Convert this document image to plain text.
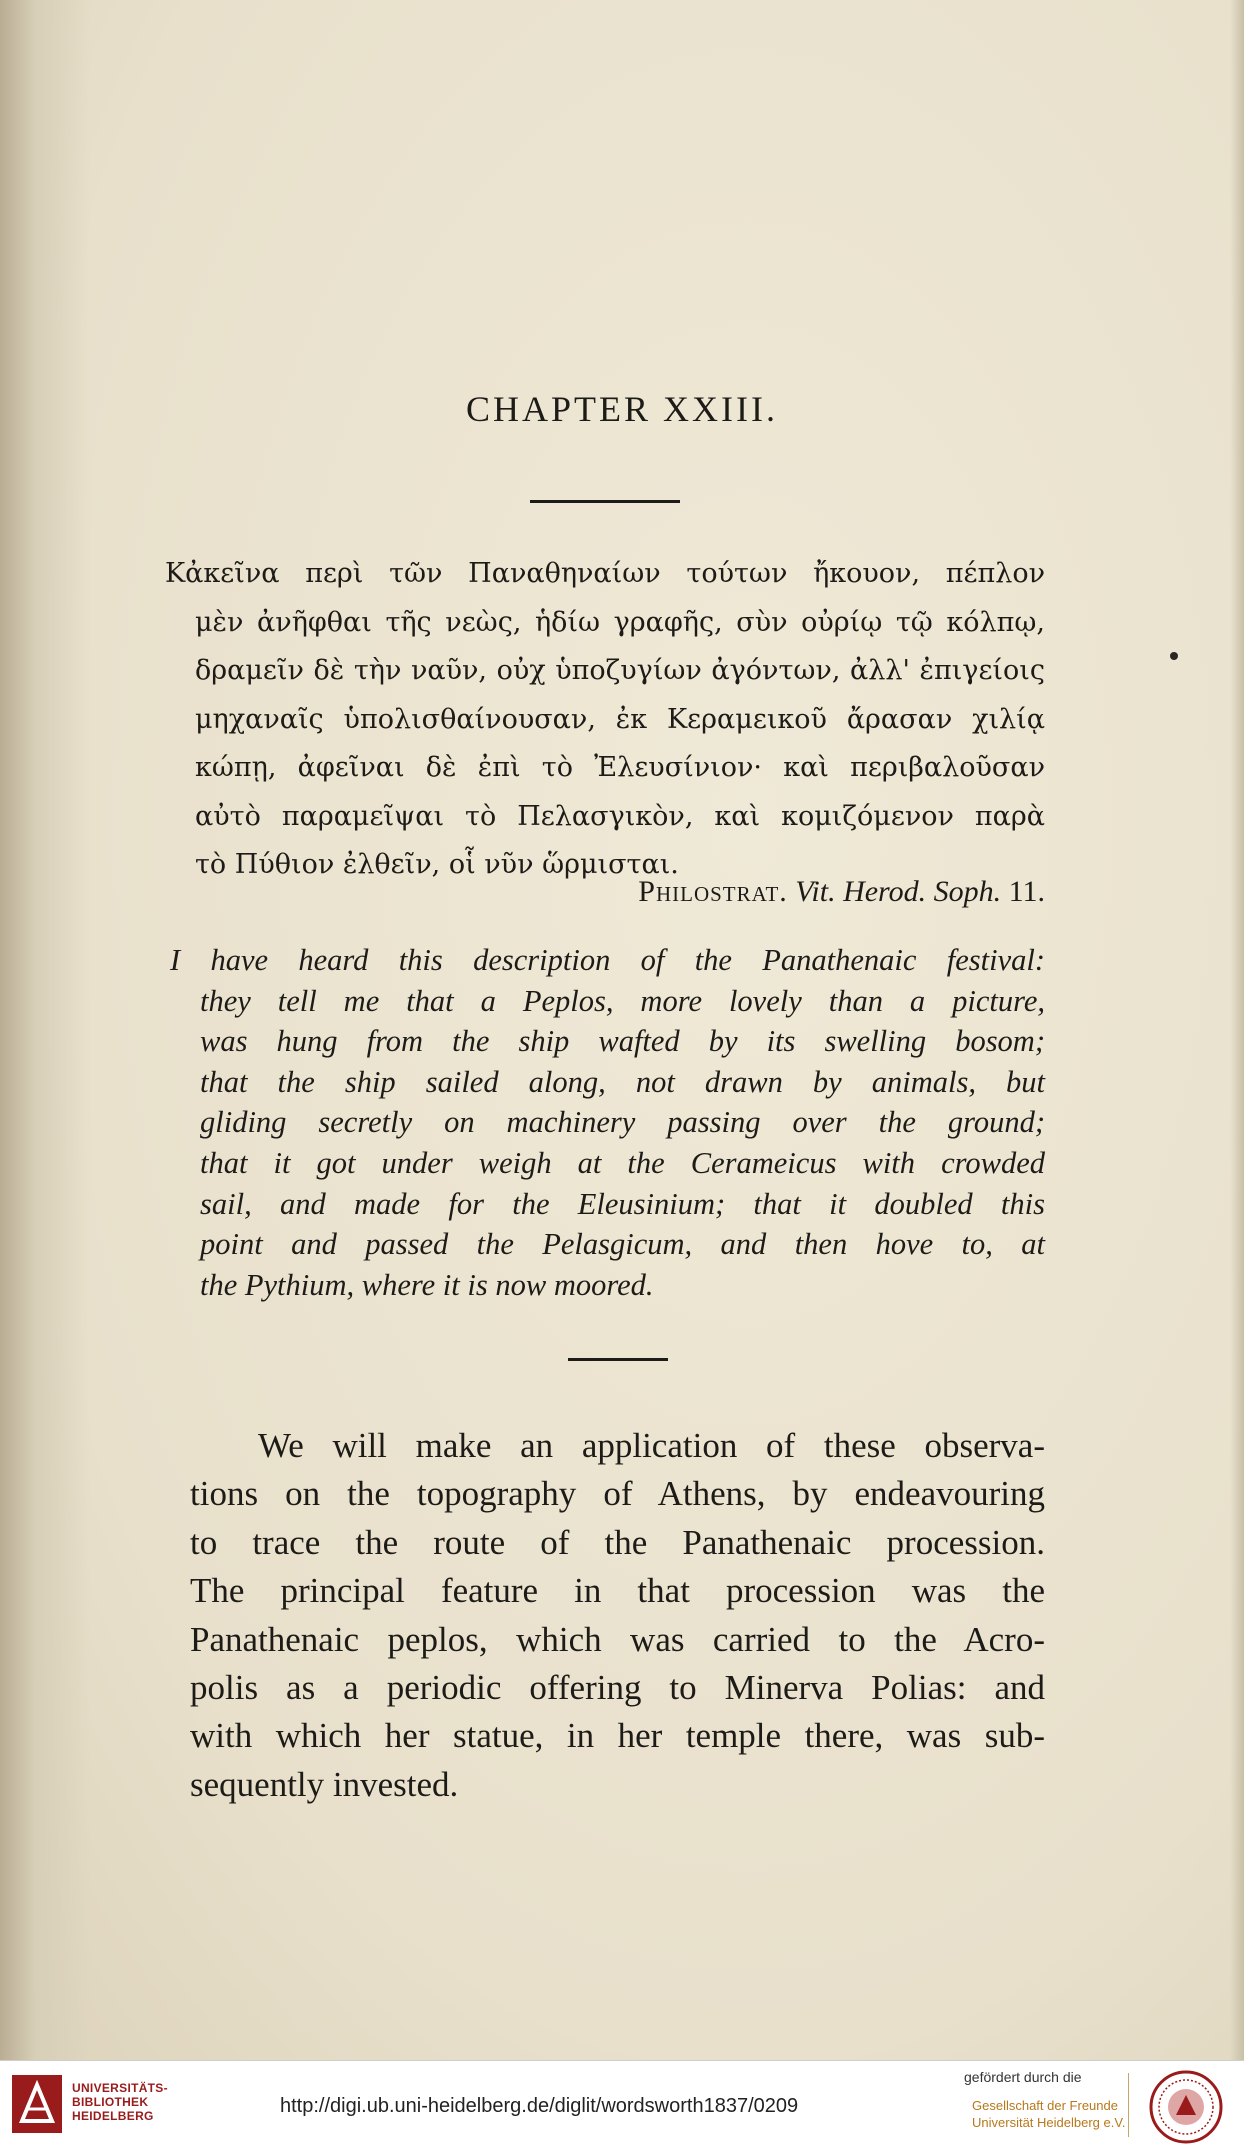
CHAPTER XXIII.
Κἀκεῖνα περὶ τῶν Παναθηναίων τούτων ἤκουον, πέπλον
μὲν ἀνῆφθαι τῆς νεὼς, ἡδίω γραφῆς, σὺν οὐρίῳ τῷ κόλπῳ,
δραμεῖν δὲ τὴν ναῦν, οὐχ ὑποζυγίων ἀγόντων, ἀλλ' ἐπιγείοις
μηχαναῖς ὑπολισθαίνουσαν, ἐκ Κεραμεικοῦ ἄρασαν χιλίᾳ
κώπῃ, ἀφεῖναι δὲ ἐπὶ τὸ Ἐλευσίνιον· καὶ περιβαλοῦσαν
αὐτὸ παραμεῖψαι τὸ Πελασγικὸν, καὶ κομιζόμενον παρὰ
τὸ Πύθιον ἐλθεῖν, οἷ νῦν ὥρμισται.
Philostrat. Vit. Herod. Soph. 11.
I have heard this description of the Panathenaic festival:
they tell me that a Peplos, more lovely than a picture,
was hung from the ship wafted by its swelling bosom;
that the ship sailed along, not drawn by animals, but
gliding secretly on machinery passing over the ground;
that it got under weigh at the Cerameicus with crowded
sail, and made for the Eleusinium; that it doubled this
point and passed the Pelasgicum, and then hove to, at
the Pythium, where it is now moored.
We will make an application of these observa-
tions on the topography of Athens, by endeavouring
to trace the route of the Panathenaic procession.
The principal feature in that procession was the
Panathenaic peplos, which was carried to the Acro-
polis as a periodic offering to Minerva Polias: and
with which her statue, in her temple there, was sub-
sequently invested.
UNIVERSITÄTS-
BIBLIOTHEK
HEIDELBERG	http://digi.ub.uni-heidelberg.de/diglit/wordsworth1837/0209
gefördert durch die
Gesellschaft der Freunde
Universität Heidelberg e.V.
